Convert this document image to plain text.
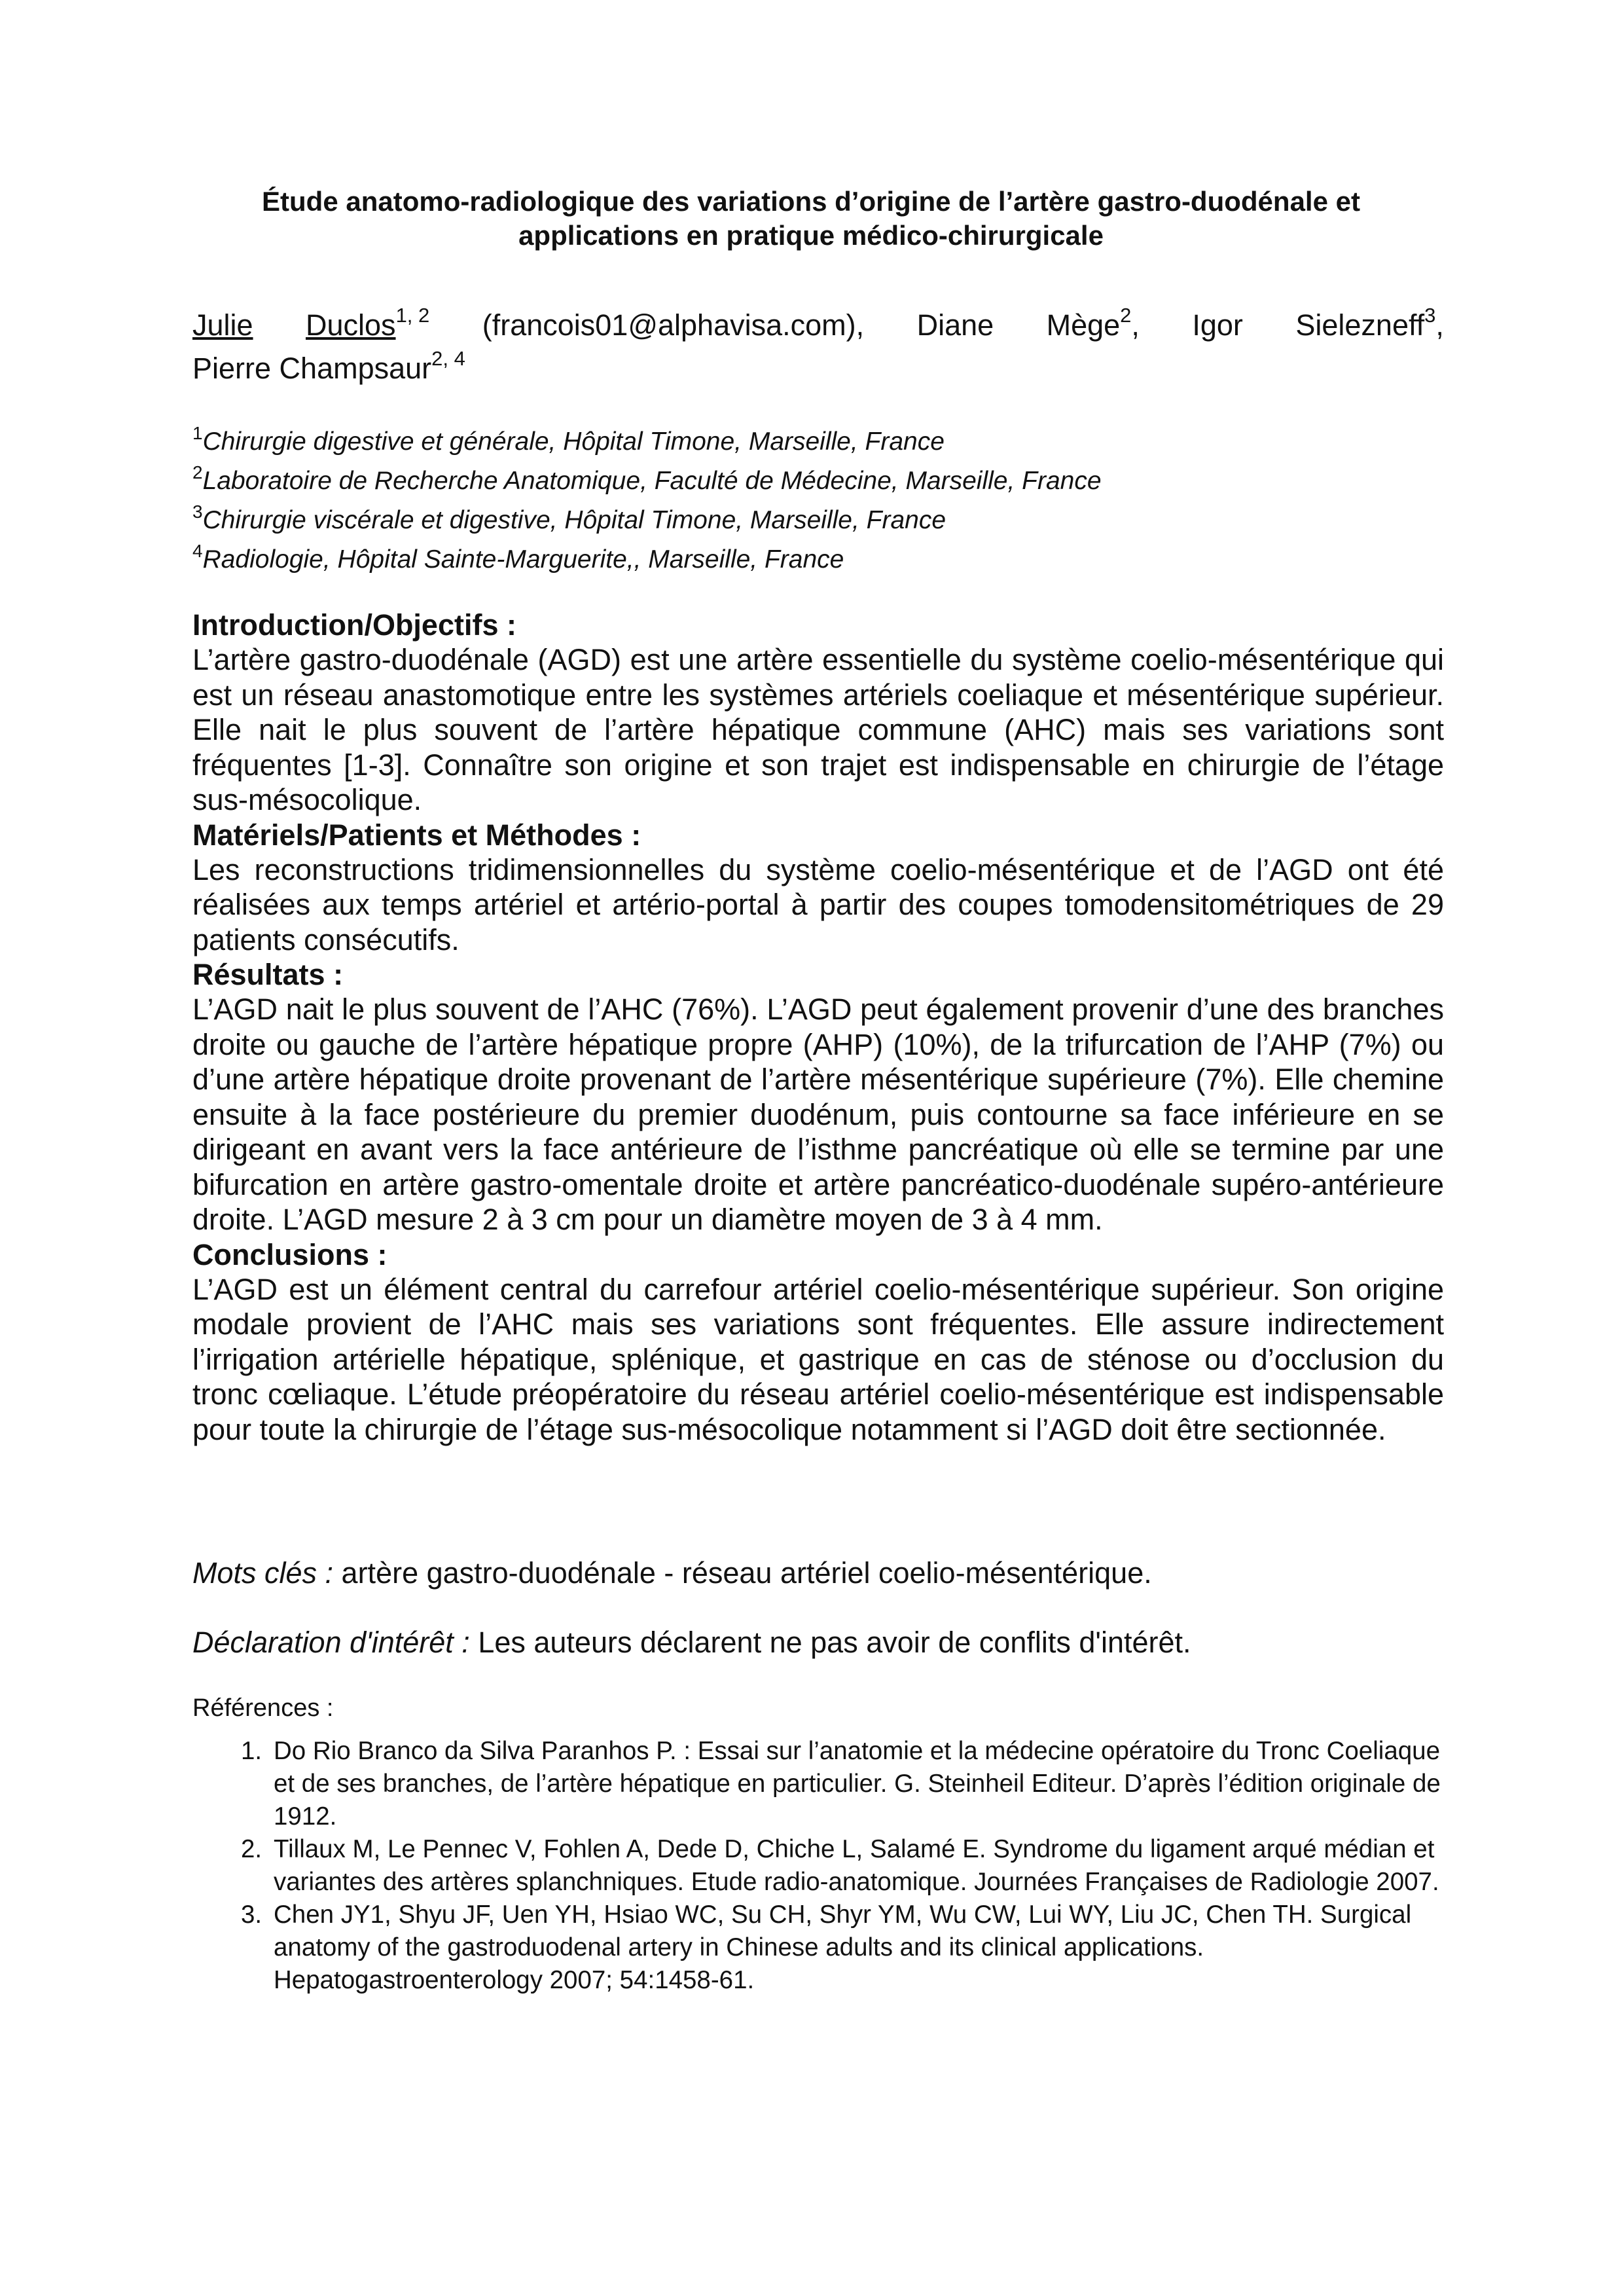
Étude anatomo-radiologique des variations d’origine de l’artère gastro-duodénale et
applications en pratique médico-chirurgicale
Julie Duclos$^{1, 2}$ (francois01@alphavisa.com), Diane Mège$^2$, Igor Sielezneff$^3$,
Pierre Champsaur$^{2, 4}$
$^1$Chirurgie digestive et générale, Hôpital Timone, Marseille, France
$^2$Laboratoire de Recherche Anatomique, Faculté de Médecine, Marseille, France
$^3$Chirurgie viscérale et digestive, Hôpital Timone, Marseille, France
$^4$Radiologie, Hôpital Sainte-Marguerite,, Marseille, France

Introduction/Objectifs :

L’artère gastro-duodénale (AGD) est une artère essentielle du système coelio-mésentérique qui est un réseau anastomotique entre les systèmes artériels coeliaque et mésentérique supérieur. Elle nait le plus souvent de l’artère hépatique commune (AHC) mais ses variations sont fréquentes [1-3]. Connaître son origine et son trajet est indispensable en chirurgie de l’étage sus-mésocolique.

Matériels/Patients et Méthodes :

Les reconstructions tridimensionnelles du système coelio-mésentérique et de l’AGD ont été réalisées aux temps artériel et artério-portal à partir des coupes tomodensitométriques de 29 patients consécutifs.

Résultats :

L’AGD nait le plus souvent de l’AHC (76%). L’AGD peut également provenir d’une des branches droite ou gauche de l’artère hépatique propre (AHP) (10%), de la trifurcation de l’AHP (7%) ou d’une artère hépatique droite provenant de l’artère mésentérique supérieure (7%). Elle chemine ensuite à la face postérieure du premier duodénum, puis contourne sa face inférieure en se dirigeant en avant vers la face antérieure de l’isthme pancréatique où elle se termine par une bifurcation en artère gastro-omentale droite et artère pancréatico-duodénale supéro-antérieure droite. L’AGD mesure 2 à 3 cm pour un diamètre moyen de 3 à 4 mm.

Conclusions :

L’AGD est un élément central du carrefour artériel coelio-mésentérique supérieur. Son origine modale provient de l’AHC mais ses variations sont fréquentes. Elle assure indirectement l’irrigation artérielle hépatique, splénique, et gastrique en cas de sténose ou d’occlusion du tronc cœliaque. L’étude préopératoire du réseau artériel coelio-mésentérique est indispensable pour toute la chirurgie de l’étage sus-mésocolique notamment si l’AGD doit être sectionnée.

Mots clés : artère gastro-duodénale - réseau artériel coelio-mésentérique.

Déclaration d'intérêt : Les auteurs déclarent ne pas avoir de conflits d'intérêt.

Références :

1. Do Rio Branco da Silva Paranhos P. : Essai sur l’anatomie et la médecine opératoire du Tronc Coeliaque et de ses branches, de l’artère hépatique en particulier. G. Steinheil Editeur. D’après l’édition originale de 1912.
2. Tillaux M, Le Pennec V, Fohlen A, Dede D, Chiche L, Salamé E. Syndrome du ligament arqué médian et variantes des artères splanchniques. Etude radio-anatomique. Journées Françaises de Radiologie 2007.
3. Chen JY1, Shyu JF, Uen YH, Hsiao WC, Su CH, Shyr YM, Wu CW, Lui WY, Liu JC, Chen TH. Surgical anatomy of the gastroduodenal artery in Chinese adults and its clinical applications. Hepatogastroenterology 2007; 54:1458-61.
